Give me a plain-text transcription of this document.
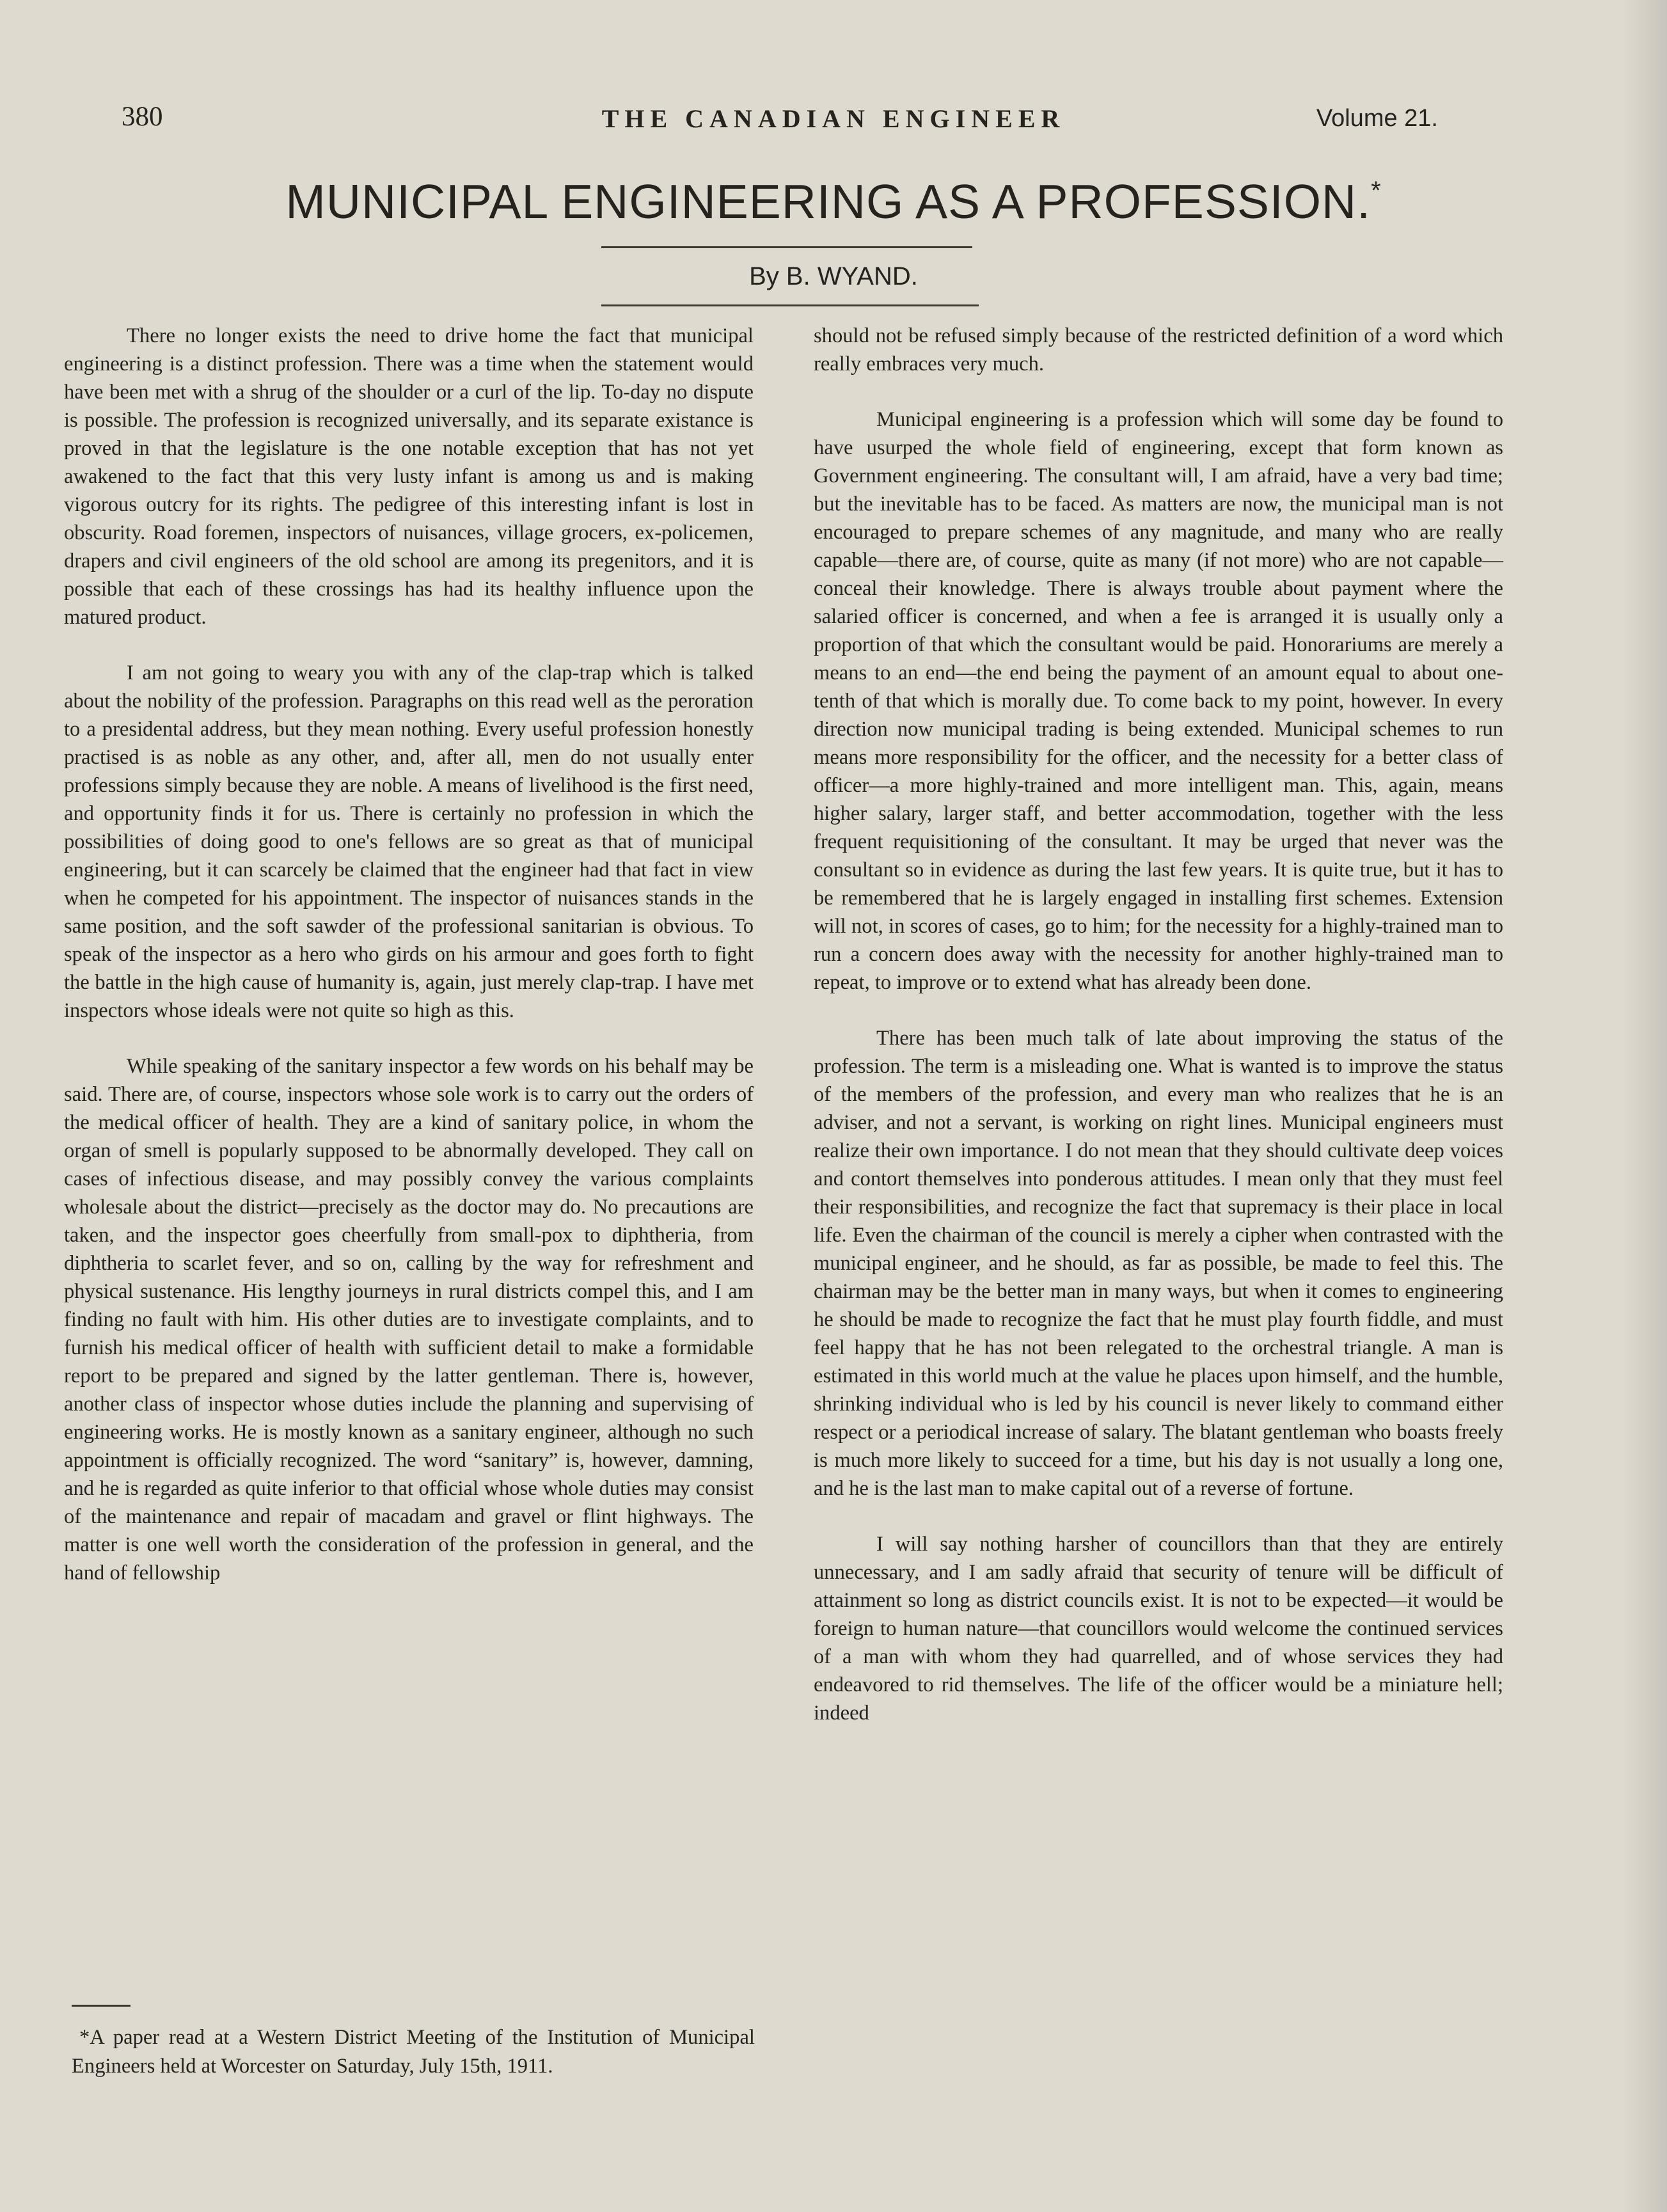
380	THE CANADIAN ENGINEER	Volume 21.
MUNICIPAL ENGINEERING AS A PROFESSION.*
By B. WYAND.

There no longer exists the need to drive home the fact that municipal engineering is a distinct profession. There was a time when the statement would have been met with a shrug of the shoulder or a curl of the lip. To-day no dispute is possible. The profession is recognized universally, and its separate existance is proved in that the legislature is the one notable exception that has not yet awakened to the fact that this very lusty infant is among us and is making vigorous outcry for its rights. The pedigree of this interesting infant is lost in obscurity. Road foremen, inspectors of nuisances, village grocers, ex-policemen, drapers and civil engineers of the old school are among its pregenitors, and it is possible that each of these crossings has had its healthy influence upon the matured product.

I am not going to weary you with any of the clap-trap which is talked about the nobility of the profession. Paragraphs on this read well as the peroration to a presidental address, but they mean nothing. Every useful profession honestly practised is as noble as any other, and, after all, men do not usually enter professions simply because they are noble. A means of livelihood is the first need, and opportunity finds it for us. There is certainly no profession in which the possibilities of doing good to one's fellows are so great as that of municipal engineering, but it can scarcely be claimed that the engineer had that fact in view when he competed for his appointment. The inspector of nuisances stands in the same position, and the soft sawder of the professional sanitarian is obvious. To speak of the inspector as a hero who girds on his armour and goes forth to fight the battle in the high cause of humanity is, again, just merely clap-trap. I have met inspectors whose ideals were not quite so high as this.

While speaking of the sanitary inspector a few words on his behalf may be said. There are, of course, inspectors whose sole work is to carry out the orders of the medical officer of health. They are a kind of sanitary police, in whom the organ of smell is popularly supposed to be abnormally developed. They call on cases of infectious disease, and may possibly convey the various complaints wholesale about the district—precisely as the doctor may do. No precautions are taken, and the inspector goes cheerfully from small-pox to diphtheria, from diphtheria to scarlet fever, and so on, calling by the way for refreshment and physical sustenance. His lengthy journeys in rural districts compel this, and I am finding no fault with him. His other duties are to investigate complaints, and to furnish his medical officer of health with sufficient detail to make a formidable report to be prepared and signed by the latter gentleman. There is, however, another class of inspector whose duties include the planning and supervising of engineering works. He is mostly known as a sanitary engineer, although no such appointment is officially recognized. The word “sanitary” is, however, damning, and he is regarded as quite inferior to that official whose whole duties may consist of the maintenance and repair of macadam and gravel or flint highways. The matter is one well worth the consideration of the profession in general, and the hand of fellowship

should not be refused simply because of the restricted definition of a word which really embraces very much.

Municipal engineering is a profession which will some day be found to have usurped the whole field of engineering, except that form known as Government engineering. The consultant will, I am afraid, have a very bad time; but the inevitable has to be faced. As matters are now, the municipal man is not encouraged to prepare schemes of any magnitude, and many who are really capable—there are, of course, quite as many (if not more) who are not capable—conceal their knowledge. There is always trouble about payment where the salaried officer is concerned, and when a fee is arranged it is usually only a proportion of that which the consultant would be paid. Honorariums are merely a means to an end—the end being the payment of an amount equal to about one-tenth of that which is morally due. To come back to my point, however. In every direction now municipal trading is being extended. Municipal schemes to run means more responsibility for the officer, and the necessity for a better class of officer—a more highly-trained and more intelligent man. This, again, means higher salary, larger staff, and better accommodation, together with the less frequent requisitioning of the consultant. It may be urged that never was the consultant so in evidence as during the last few years. It is quite true, but it has to be remembered that he is largely engaged in installing first schemes. Extension will not, in scores of cases, go to him; for the necessity for a highly-trained man to run a concern does away with the necessity for another highly-trained man to repeat, to improve or to extend what has already been done.

There has been much talk of late about improving the status of the profession. The term is a misleading one. What is wanted is to improve the status of the members of the profession, and every man who realizes that he is an adviser, and not a servant, is working on right lines. Municipal engineers must realize their own importance. I do not mean that they should cultivate deep voices and contort themselves into ponderous attitudes. I mean only that they must feel their responsibilities, and recognize the fact that supremacy is their place in local life. Even the chairman of the council is merely a cipher when contrasted with the municipal engineer, and he should, as far as possible, be made to feel this. The chairman may be the better man in many ways, but when it comes to engineering he should be made to recognize the fact that he must play fourth fiddle, and must feel happy that he has not been relegated to the orchestral triangle. A man is estimated in this world much at the value he places upon himself, and the humble, shrinking individual who is led by his council is never likely to command either respect or a periodical increase of salary. The blatant gentleman who boasts freely is much more likely to succeed for a time, but his day is not usually a long one, and he is the last man to make capital out of a reverse of fortune.

I will say nothing harsher of councillors than that they are entirely unnecessary, and I am sadly afraid that security of tenure will be difficult of attainment so long as district councils exist. It is not to be expected—it would be foreign to human nature—that councillors would welcome the continued services of a man with whom they had quarrelled, and of whose services they had endeavored to rid themselves. The life of the officer would be a miniature hell; indeed

*A paper read at a Western District Meeting of the Institution of Municipal Engineers held at Worcester on Saturday, July 15th, 1911.
